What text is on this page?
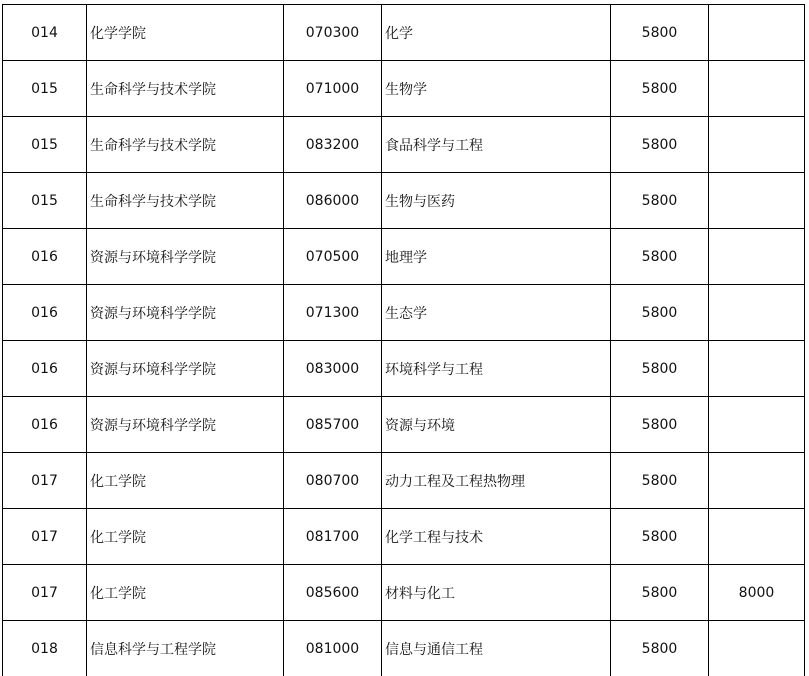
014	化学学院	070300	化学	5800	
015	生命科学与技术学院	071000	生物学	5800	
015	生命科学与技术学院	083200	食品科学与工程	5800	
015	生命科学与技术学院	086000	生物与医药	5800	
016	资源与环境科学学院	070500	地理学	5800	
016	资源与环境科学学院	071300	生态学	5800	
016	资源与环境科学学院	083000	环境科学与工程	5800	
016	资源与环境科学学院	085700	资源与环境	5800	
017	化工学院	080700	动力工程及工程热物理	5800	
017	化工学院	081700	化学工程与技术	5800	
017	化工学院	085600	材料与化工	5800	8000
018	信息科学与工程学院	081000	信息与通信工程	5800	
